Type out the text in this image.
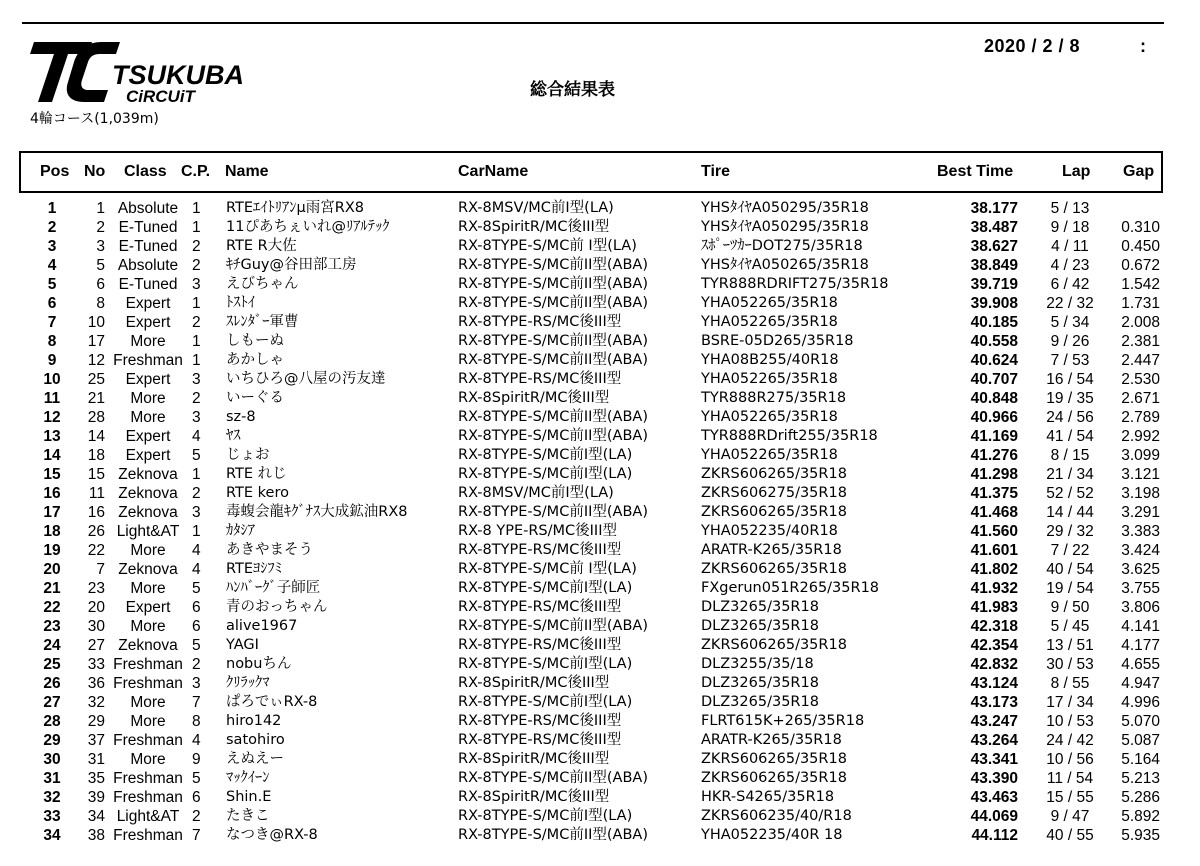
TSUKUBA
CiRCUiT
4輪コース(1,039m)
2020 / 2 / 8	:
総合結果表
Pos No Class C.P. Name	CarName	Tire	Best Time	Lap Gap
1	1 Absolute 1	RTEｴｲﾄﾘｱﾝμ雨宮RX8	RX-8MSV/MC前I型(LA)	YHSﾀｲﾔA050295/35R18	38.177	5 / 13
2	2 E-Tuned 1	11ぴあちぇいれ@ﾘｱﾙﾃｯｸ	RX-8SpiritR/MC後III型	YHSﾀｲﾔA050295/35R18	38.487	9 / 18	0.310
3	3 E-Tuned 2	RTE R大佐	RX-8TYPE-S/MC前 I型(LA)	ｽﾎﾟｰﾂｶｰDOT275/35R18	38.627	4 / 11	0.450
4	5 Absolute 2	ｷﾁGuy@谷田部工房	RX-8TYPE-S/MC前II型(ABA)	YHSﾀｲﾔA050265/35R18	38.849	4 / 23	0.672
5	6 E-Tuned 3	えびちゃん	RX-8TYPE-S/MC前II型(ABA)	TYR888RDRIFT275/35R18	39.719	6 / 42	1.542
6	8	Expert	1	ﾄｽﾄｲ	RX-8TYPE-S/MC前II型(ABA)	YHA052265/35R18	39.908	22 / 32	1.731
7	10	Expert	2	ｽﾚﾝﾀﾞｰ軍曹	RX-8TYPE-RS/MC後III型	YHA052265/35R18	40.185	5 / 34	2.008
8	17	More	1	しもーぬ	RX-8TYPE-S/MC前II型(ABA)	BSRE-05D265/35R18	40.558	9 / 26	2.381
9	12 Freshman 1	あかしゃ	RX-8TYPE-S/MC前II型(ABA)	YHA08B255/40R18	40.624	7 / 53	2.447
10	25	Expert	3	いちひろ@八屋の汚友達	RX-8TYPE-RS/MC後III型	YHA052265/35R18	40.707	16 / 54	2.530
11	21	More	2	いーぐる	RX-8SpiritR/MC後III型	TYR888R275/35R18	40.848	19 / 35	2.671
12	28	More	3	sz-8	RX-8TYPE-S/MC前II型(ABA)	YHA052265/35R18	40.966	24 / 56	2.789
13	14	Expert	4	ﾔｽ	RX-8TYPE-S/MC前II型(ABA)	TYR888RDrift255/35R18	41.169	41 / 54	2.992
14	18	Expert	5	じょお	RX-8TYPE-S/MC前I型(LA)	YHA052265/35R18	41.276	8 / 15	3.099
15	15 Zeknova 1	RTE れじ	RX-8TYPE-S/MC前I型(LA)	ZKRS606265/35R18	41.298	21 / 34	3.121
16	11 Zeknova 2	RTE kero	RX-8MSV/MC前I型(LA)	ZKRS606275/35R18	41.375	52 / 52	3.198
17	16 Zeknova 3	毒蝮会龍ｷｸﾞﾅｽ大成鉱油RX8	RX-8TYPE-S/MC前II型(ABA)	ZKRS606265/35R18	41.468	14 / 44	3.291
18	26 Light&AT 1	ｶﾀｼｱ	RX-8 YPE-RS/MC後III型	YHA052235/40R18	41.560	29 / 32	3.383
19	22	More	4	あきやまそう	RX-8TYPE-RS/MC後III型	ARATR-K265/35R18	41.601	7 / 22	3.424
20	7 Zeknova 4	RTEﾖｼﾌﾐ	RX-8TYPE-S/MC前 I型(LA)	ZKRS606265/35R18	41.802	40 / 54	3.625
21	23	More	5	ﾊﾝﾊﾞｰｸﾞ子師匠	RX-8TYPE-S/MC前I型(LA)	FXgerun051R265/35R18	41.932	19 / 54	3.755
22	20	Expert	6	青のおっちゃん	RX-8TYPE-RS/MC後III型	DLZ3265/35R18	41.983	9 / 50	3.806
23	30	More	6	alive1967	RX-8TYPE-S/MC前II型(ABA)	DLZ3265/35R18	42.318	5 / 45	4.141
24	27 Zeknova 5	YAGI	RX-8TYPE-RS/MC後III型	ZKRS606265/35R18	42.354	13 / 51	4.177
25	33 Freshman 2	nobuちん	RX-8TYPE-S/MC前I型(LA)	DLZ3255/35/18	42.832	30 / 53	4.655
26	36 Freshman 3	ｸﾘﾗｯｸﾏ	RX-8SpiritR/MC後III型	DLZ3265/35R18	43.124	8 / 55	4.947
27	32	More	7	ぱろでぃRX-8	RX-8TYPE-S/MC前I型(LA)	DLZ3265/35R18	43.173	17 / 34	4.996
28	29	More	8	hiro142	RX-8TYPE-RS/MC後III型	FLRT615K+265/35R18	43.247	10 / 53	5.070
29	37 Freshman 4	satohiro	RX-8TYPE-RS/MC後III型	ARATR-K265/35R18	43.264	24 / 42	5.087
30	31	More	9	えぬえー	RX-8SpiritR/MC後III型	ZKRS606265/35R18	43.341	10 / 56	5.164
31	35 Freshman 5	ﾏｯｸｲｰﾝ	RX-8TYPE-S/MC前II型(ABA)	ZKRS606265/35R18	43.390	11 / 54	5.213
32	39 Freshman 6	Shin.E	RX-8SpiritR/MC後III型	HKR-S4265/35R18	43.463	15 / 55	5.286
33	34 Light&AT 2	たきこ	RX-8TYPE-S/MC前I型(LA)	ZKRS606235/40/R18	44.069	9 / 47	5.892
34	38 Freshman 7	なつき@RX-8	RX-8TYPE-S/MC前II型(ABA)	YHA052235/40R 18	44.112	40 / 55	5.935
